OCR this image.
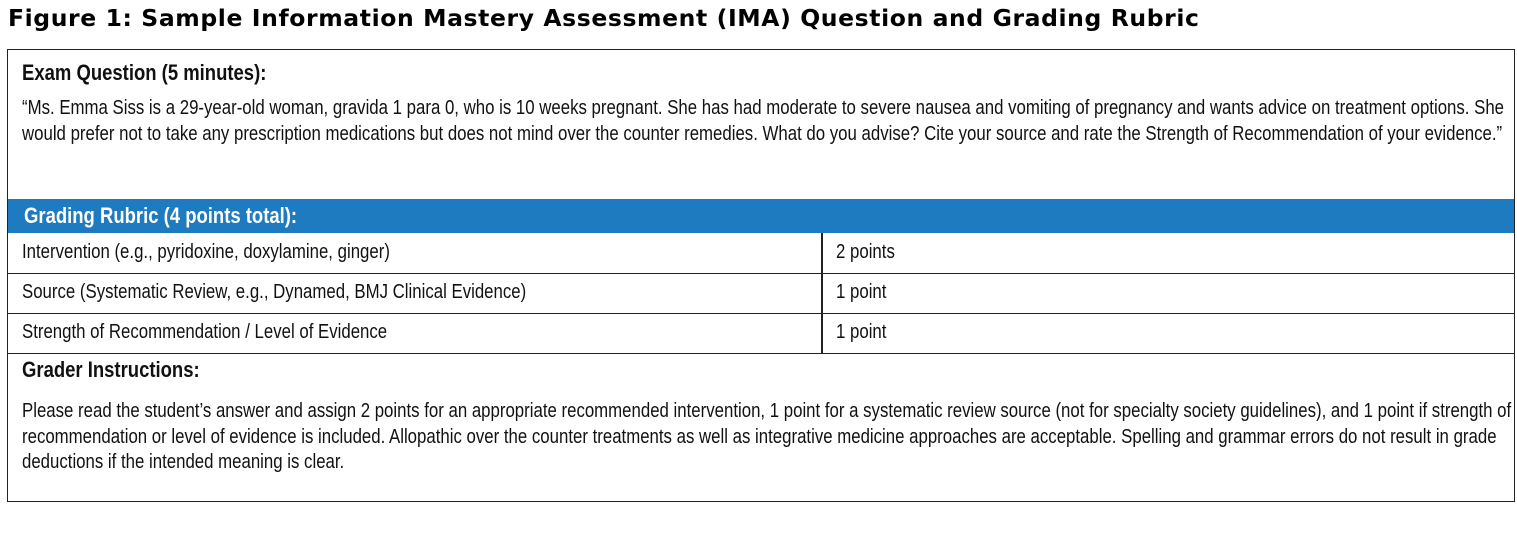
Figure 1: Sample Information Mastery Assessment (IMA) Question and Grading Rubric
Exam Question (5 minutes):
“Ms. Emma Siss is a 29-year-old woman, gravida 1 para 0, who is 10 weeks pregnant. She has had moderate to severe nausea and vomiting of pregnancy and wants advice on treatment options. She would prefer not to take any prescription medications but does not mind over the counter remedies. What do you advise? Cite your source and rate the Strength of Recommendation of your evidence.”
Grading Rubric (4 points total):
Intervention (e.g., pyridoxine, doxylamine, ginger)	2 points
Source (Systematic Review, e.g., Dynamed, BMJ Clinical Evidence)	1 point
Strength of Recommendation / Level of Evidence	1 point
Grader Instructions:
Please read the student’s answer and assign 2 points for an appropriate recommended intervention, 1 point for a systematic review source (not for specialty society guidelines), and 1 point if strength of recommendation or level of evidence is included. Allopathic over the counter treatments as well as integrative medicine approaches are acceptable. Spelling and grammar errors do not result in grade deductions if the intended meaning is clear.
